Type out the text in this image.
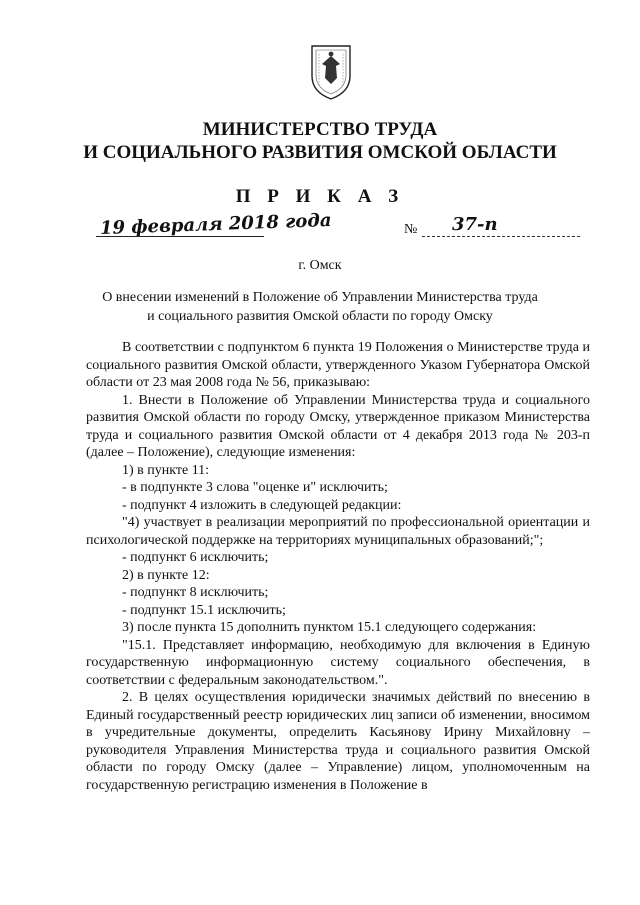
МИНИСТЕРСТВО ТРУДА
И СОЦИАЛЬНОГО РАЗВИТИЯ ОМСКОЙ ОБЛАСТИ
П Р И К А З
19 февраля 2018 года	№ 37-п
г. Омск
О внесении изменений в Положение об Управлении Министерства труда
и социального развития Омской области по городу Омску

В соответствии с подпунктом 6 пункта 19 Положения о Министерстве труда и социального развития Омской области, утвержденного Указом Губернатора Омской области от 23 мая 2008 года № 56, приказываю:

1. Внести в Положение об Управлении Министерства труда и социального развития Омской области по городу Омску, утвержденное приказом Министерства труда и социального развития Омской области от 4 декабря 2013 года № 203-п (далее – Положение), следующие изменения:

1) в пункте 11:

- в подпункте 3 слова "оценке и" исключить;

- подпункт 4 изложить в следующей редакции:

"4) участвует в реализации мероприятий по профессиональной ориентации и психологической поддержке на территориях муниципальных образований;";

- подпункт 6 исключить;

2) в пункте 12:

- подпункт 8 исключить;

- подпункт 15.1 исключить;

3) после пункта 15 дополнить пунктом 15.1 следующего содержания:

"15.1. Представляет информацию, необходимую для включения в Единую государственную информационную систему социального обеспечения, в соответствии с федеральным законодательством.".

2. В целях осуществления юридически значимых действий по внесению в Единый государственный реестр юридических лиц записи об изменении, вносимом в учредительные документы, определить Касьянову Ирину Михайловну – руководителя Управления Министерства труда и социального развития Омской области по городу Омску (далее – Управление) лицом, уполномоченным на государственную регистрацию изменения в Положение в
